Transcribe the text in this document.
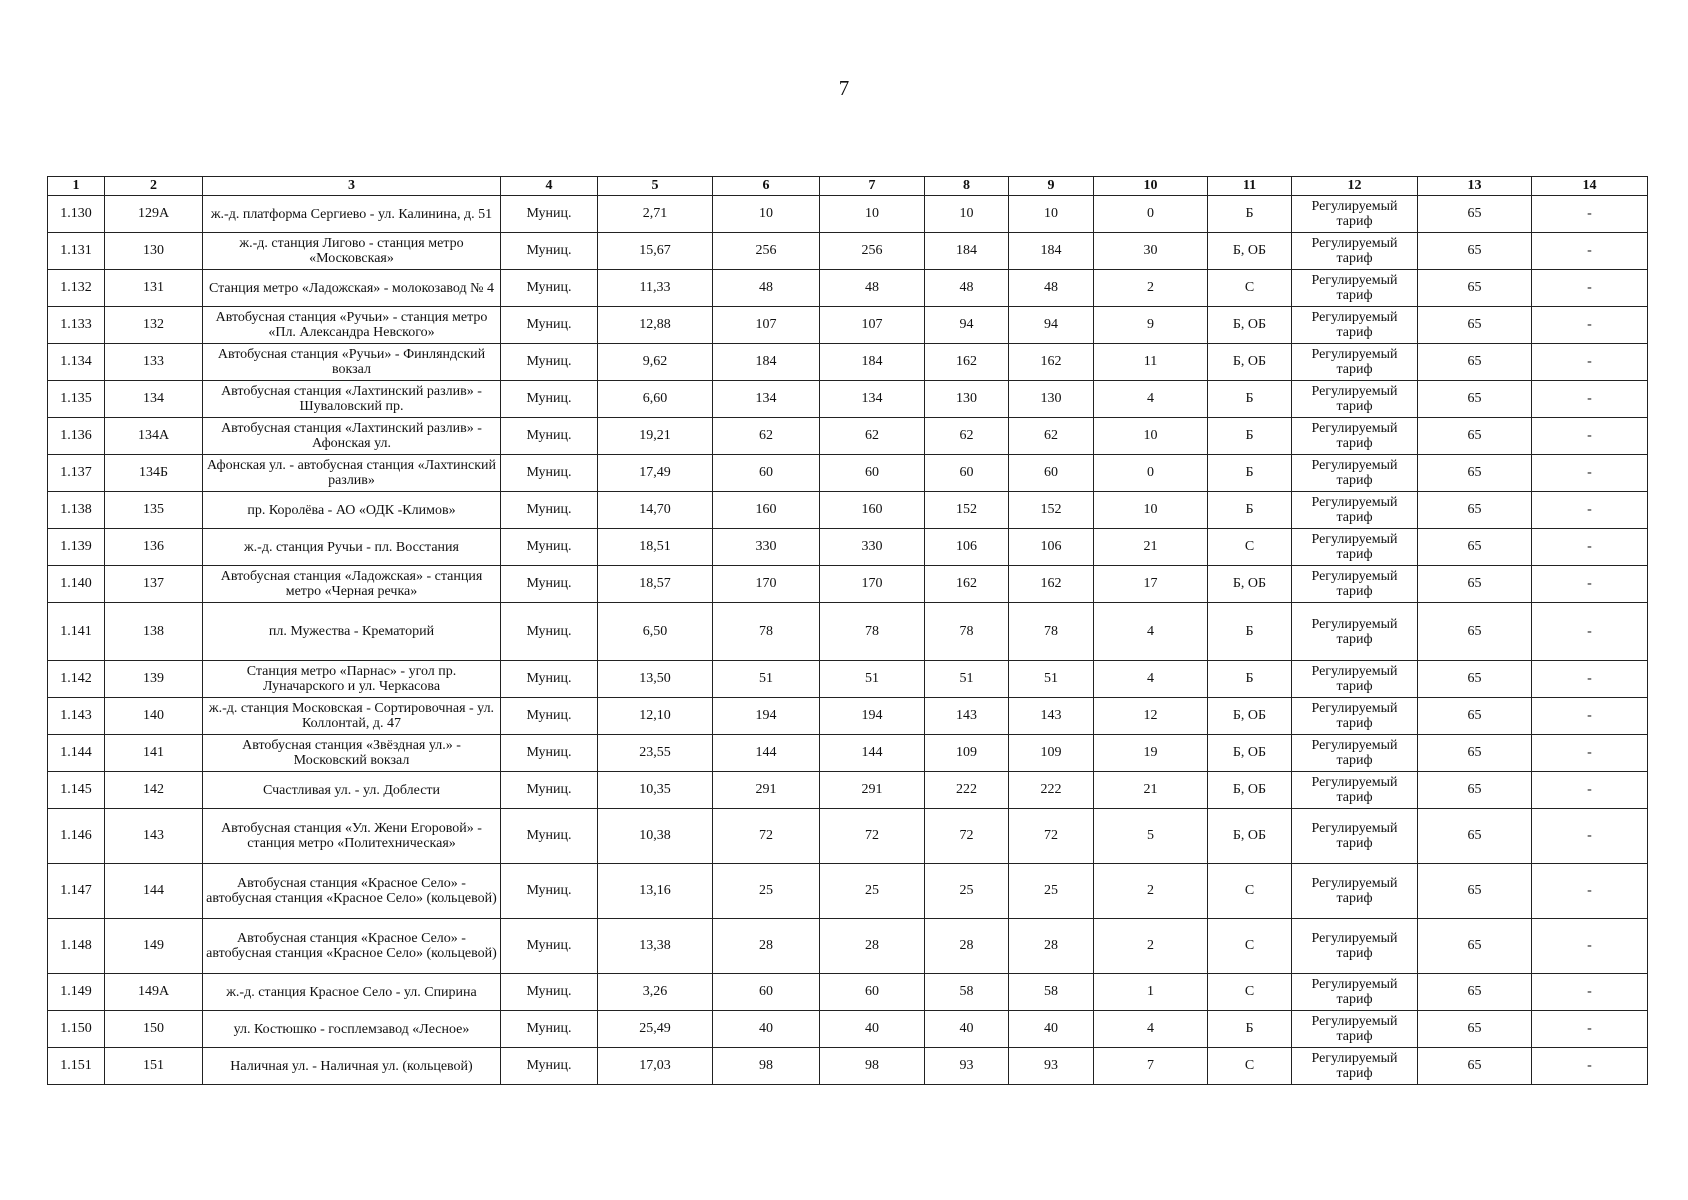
7
1	2	3	4	5	6	7	8	9	10	11	12	13	14
1.130	129А	ж.-д. платформа Сергиево - ул. Калинина, д. 51	Муниц.	2,71	10	10	10	10	0	Б	Регулируемый тариф	65	-
1.131	130	ж.-д. станция Лигово - станция метро «Московская»	Муниц.	15,67	256	256	184	184	30	Б, ОБ	Регулируемый тариф	65	-
1.132	131	Станция метро «Ладожская» - молокозавод № 4	Муниц.	11,33	48	48	48	48	2	С	Регулируемый тариф	65	-
1.133	132	Автобусная станция «Ручьи» - станция метро «Пл. Александра Невского»	Муниц.	12,88	107	107	94	94	9	Б, ОБ	Регулируемый тариф	65	-
1.134	133	Автобусная станция «Ручьи» - Финляндский вокзал	Муниц.	9,62	184	184	162	162	11	Б, ОБ	Регулируемый тариф	65	-
1.135	134	Автобусная станция «Лахтинский разлив» - Шуваловский пр.	Муниц.	6,60	134	134	130	130	4	Б	Регулируемый тариф	65	-
1.136	134А	Автобусная станция «Лахтинский разлив» - Афонская ул.	Муниц.	19,21	62	62	62	62	10	Б	Регулируемый тариф	65	-
1.137	134Б	Афонская ул. - автобусная станция «Лахтинский разлив»	Муниц.	17,49	60	60	60	60	0	Б	Регулируемый тариф	65	-
1.138	135	пр. Королёва - АО «ОДК -Климов»	Муниц.	14,70	160	160	152	152	10	Б	Регулируемый тариф	65	-
1.139	136	ж.-д. станция Ручьи - пл. Восстания	Муниц.	18,51	330	330	106	106	21	С	Регулируемый тариф	65	-
1.140	137	Автобусная станция «Ладожская» - станция метро «Черная речка»	Муниц.	18,57	170	170	162	162	17	Б, ОБ	Регулируемый тариф	65	-
1.141	138	пл. Мужества - Крематорий	Муниц.	6,50	78	78	78	78	4	Б	Регулируемый тариф	65	-
1.142	139	Станция метро «Парнас» - угол пр. Луначарского и ул. Черкасова	Муниц.	13,50	51	51	51	51	4	Б	Регулируемый тариф	65	-
1.143	140	ж.-д. станция Московская - Сортировочная - ул. Коллонтай, д. 47	Муниц.	12,10	194	194	143	143	12	Б, ОБ	Регулируемый тариф	65	-
1.144	141	Автобусная станция «Звёздная ул.» - Московский вокзал	Муниц.	23,55	144	144	109	109	19	Б, ОБ	Регулируемый тариф	65	-
1.145	142	Счастливая ул. - ул. Доблести	Муниц.	10,35	291	291	222	222	21	Б, ОБ	Регулируемый тариф	65	-
1.146	143	Автобусная станция «Ул. Жени Егоровой» - станция метро «Политехническая»	Муниц.	10,38	72	72	72	72	5	Б, ОБ	Регулируемый тариф	65	-
1.147	144	Автобусная станция «Красное Село» - автобусная станция «Красное Село» (кольцевой)	Муниц.	13,16	25	25	25	25	2	С	Регулируемый тариф	65	-
1.148	149	Автобусная станция «Красное Село» - автобусная станция «Красное Село» (кольцевой)	Муниц.	13,38	28	28	28	28	2	С	Регулируемый тариф	65	-
1.149	149А	ж.-д. станция Красное Село - ул. Спирина	Муниц.	3,26	60	60	58	58	1	С	Регулируемый тариф	65	-
1.150	150	ул. Костюшко - госплемзавод «Лесное»	Муниц.	25,49	40	40	40	40	4	Б	Регулируемый тариф	65	-
1.151	151	Наличная ул. - Наличная ул. (кольцевой)	Муниц.	17,03	98	98	93	93	7	С	Регулируемый тариф	65	-
